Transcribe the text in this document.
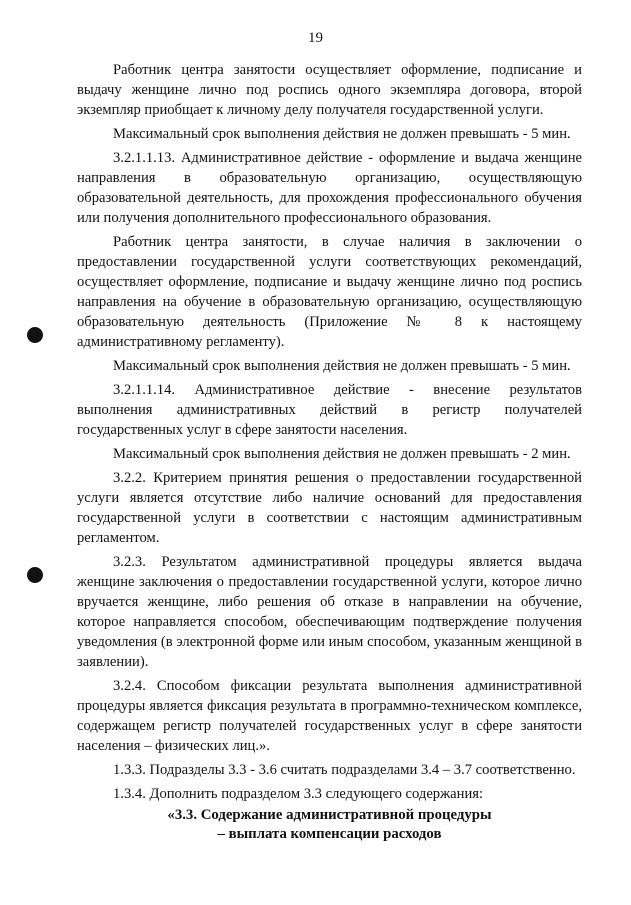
19

Работник центра занятости осуществляет оформление, подписание и выдачу женщине лично под роспись одного экземпляра договора, второй экземпляр приобщает к личному делу получателя государственной услуги.

Максимальный срок выполнения действия не должен превышать - 5 мин.

3.2.1.1.13. Административное действие - оформление и выдача женщине направления в образовательную организацию, осуществляющую образовательной деятельность, для прохождения профессионального обучения или получения дополнительного профессионального образования.

Работник центра занятости, в случае наличия в заключении о предоставлении государственной услуги соответствующих рекомендаций, осуществляет оформление, подписание и выдачу женщине лично под роспись направления на обучение в образовательную организацию, осуществляющую образовательную деятельность (Приложение № 8 к настоящему административному регламенту).

Максимальный срок выполнения действия не должен превышать - 5 мин.

3.2.1.1.14. Административное действие - внесение результатов выполнения административных действий в регистр получателей государственных услуг в сфере занятости населения.

Максимальный срок выполнения действия не должен превышать - 2 мин.

3.2.2. Критерием принятия решения о предоставлении государственной услуги является отсутствие либо наличие оснований для предоставления государственной услуги в соответствии с настоящим административным регламентом.

3.2.3. Результатом административной процедуры является выдача женщине заключения о предоставлении государственной услуги, которое лично вручается женщине, либо решения об отказе в направлении на обучение, которое направляется способом, обеспечивающим подтверждение получения уведомления (в электронной форме или иным способом, указанным женщиной в заявлении).

3.2.4. Способом фиксации результата выполнения административной процедуры является фиксация результата в программно-техническом комплексе, содержащем регистр получателей государственных услуг в сфере занятости населения – физических лиц.».

1.3.3. Подразделы 3.3 - 3.6 считать подразделами 3.4 – 3.7 соответственно.

1.3.4. Дополнить подразделом 3.3 следующего содержания:

«3.3. Содержание административной процедуры
– выплата компенсации расходов
